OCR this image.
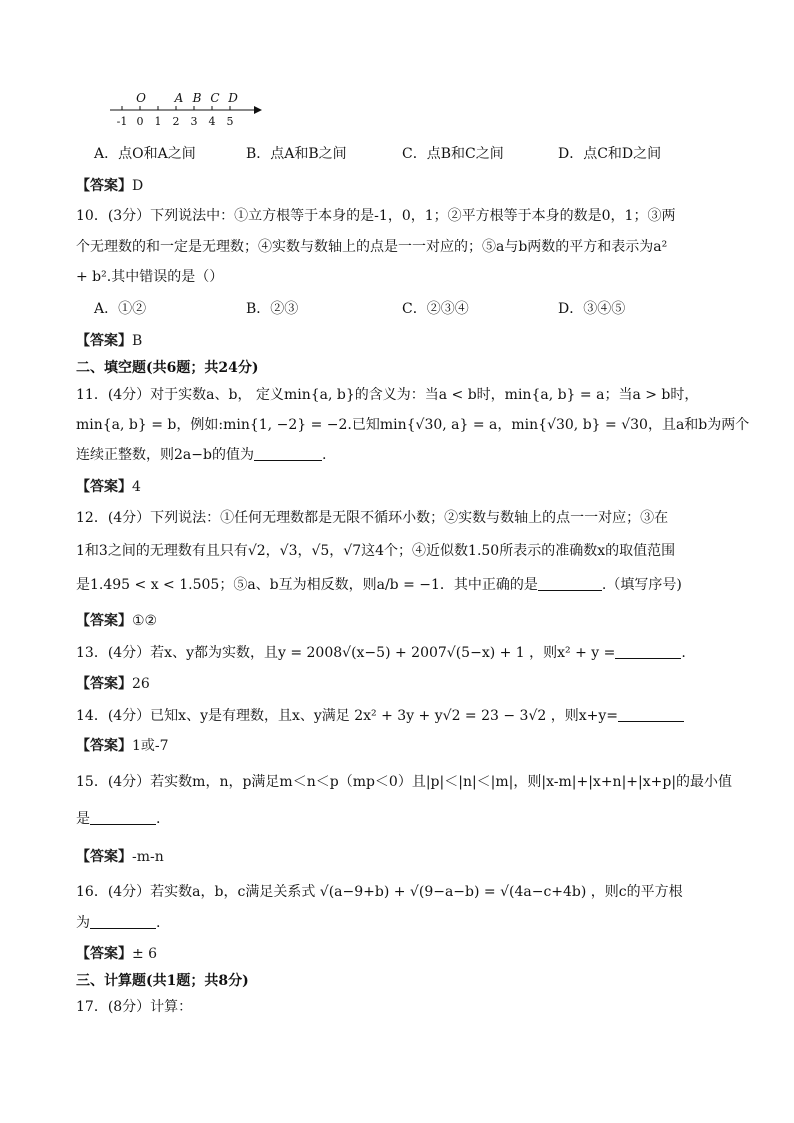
O A B C D
-1 0 1 2 3 4 5
A．点O和A之间	B．点A和B之间	C．点B和C之间	D．点C和D之间
【答案】D
10．(3分）下列说法中：①立方根等于本身的是-1，0，1；②平方根等于本身的数是0，1；③两
个无理数的和一定是无理数；④实数与数轴上的点是一一对应的；⑤a与b两数的平方和表示为a²
+ b².其中错误的是（）
A．①②	B．②③	C．②③④	D．③④⑤
【答案】B
二、填空题(共6题；共24分)
11．(4分）对于实数a、b， 定义min{a, b}的含义为：当a < b时，min{a, b} = a；当a > b时，
min{a, b} = b，例如:min{1, −2} = −2.已知min{√30, a} = a，min{√30, b} = √30，且a和b为两个
连续正整数，则2a−b的值为	.
【答案】4
12．(4分）下列说法：①任何无理数都是无限不循环小数；②实数与数轴上的点一一对应；③在
1和3之间的无理数有且只有√2，√3，√5，√7这4个；④近似数1.50所表示的准确数x的取值范围
是1.495 < x < 1.505；⑤a、b互为相反数，则a/b = −1．其中正确的是	.（填写序号)
【答案】①②
13．(4分）若x、y都为实数，且y = 2008√(x−5) + 2007√(5−x) + 1 ，则x² + y =	.
【答案】26
14．(4分）已知x、y是有理数，且x、y满足 2x² + 3y + y√2 = 23 − 3√2 ，则x+y=
【答案】1或-7
15．(4分）若实数m，n，p满足m＜n＜p（mp＜0）且|p|＜|n|＜|m|，则|x-m|+|x+n|+|x+p|的最小值
是	.
【答案】-m-n
16．(4分）若实数a，b，c满足关系式 √(a−9+b) + √(9−a−b) = √(4a−c+4b) ，则c的平方根
为	.
【答案】± 6
三、计算题(共1题；共8分)
17．(8分）计算：
